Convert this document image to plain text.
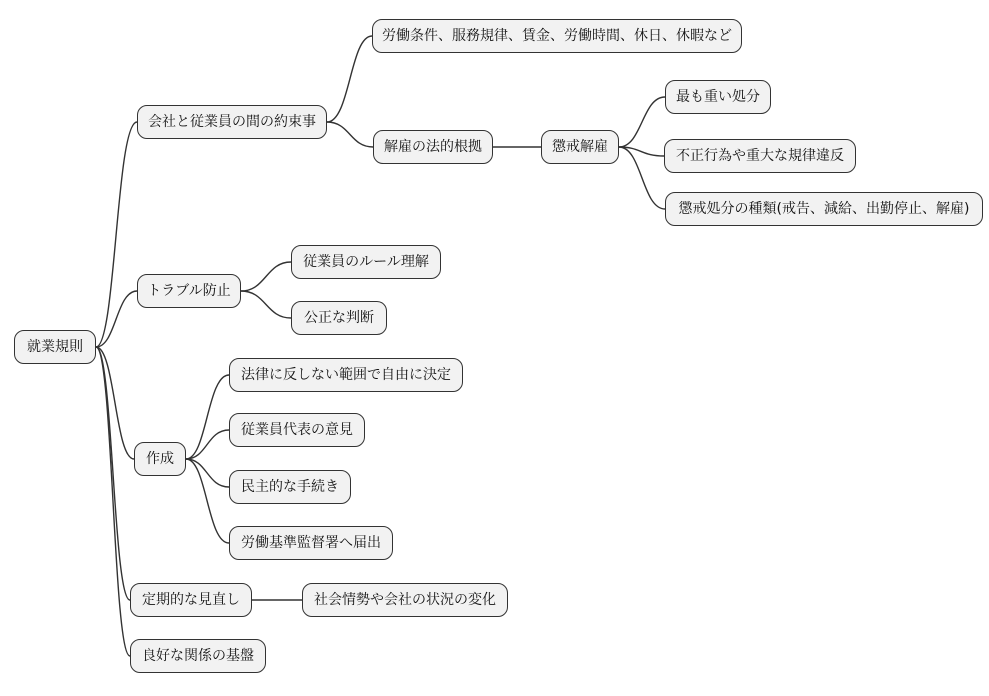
就業規則
会社と従業員の間の約束事
労働条件、服務規律、賃金、労働時間、休日、休暇など
解雇の法的根拠	懲戒解雇
最も重い処分
不正行為や重大な規律違反
懲戒処分の種類(戒告、減給、出勤停止、解雇)
トラブル防止
従業員のルール理解
公正な判断
作成
法律に反しない範囲で自由に決定
従業員代表の意見
民主的な手続き
労働基準監督署へ届出
定期的な見直し	社会情勢や会社の状況の変化
良好な関係の基盤
